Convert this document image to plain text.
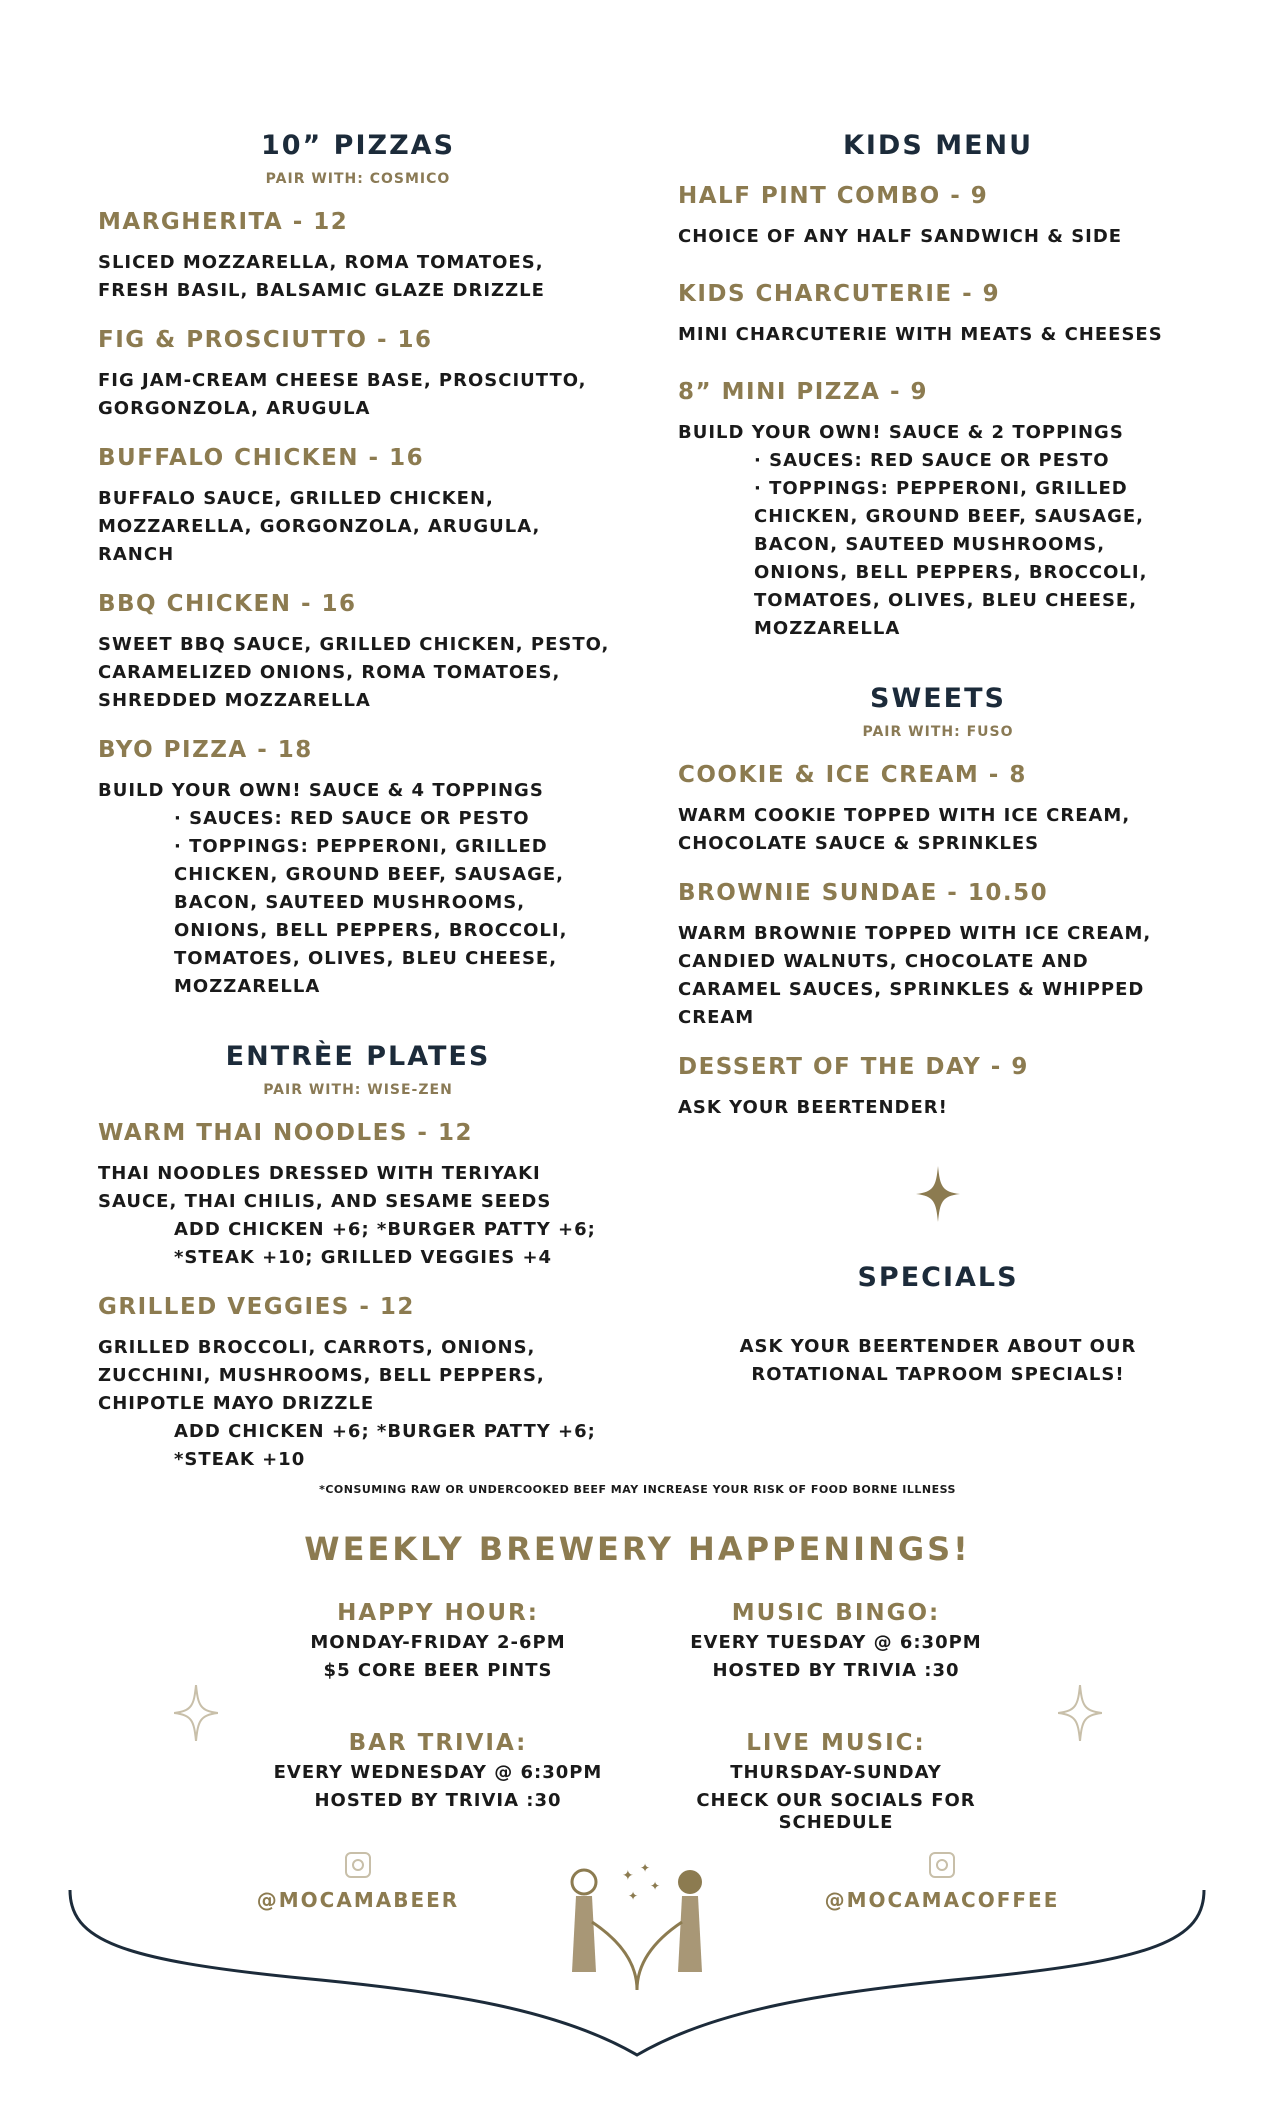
10” PIZZAS

PAIR WITH: COSMICO

MARGHERITA - 12
SLICED MOZZARELLA, ROMA TOMATOES, FRESH BASIL, BALSAMIC GLAZE DRIZZLE
FIG & PROSCIUTTO - 16
FIG JAM-CREAM CHEESE BASE, PROSCIUTTO, GORGONZOLA, ARUGULA
BUFFALO CHICKEN - 16
BUFFALO SAUCE, GRILLED CHICKEN, MOZZARELLA, GORGONZOLA, ARUGULA, RANCH
BBQ CHICKEN - 16
SWEET BBQ SAUCE, GRILLED CHICKEN, PESTO, CARAMELIZED ONIONS, ROMA TOMATOES, SHREDDED MOZZARELLA
BYO PIZZA - 18
BUILD YOUR OWN! SAUCE & 4 TOPPINGS
· SAUCES: RED SAUCE OR PESTO
· TOPPINGS: PEPPERONI, GRILLED CHICKEN, GROUND BEEF, SAUSAGE, BACON, SAUTEED MUSHROOMS, ONIONS, BELL PEPPERS, BROCCOLI, TOMATOES, OLIVES, BLEU CHEESE, MOZZARELLA
ENTRÈE PLATES

PAIR WITH: WISE-ZEN

WARM THAI NOODLES - 12
THAI NOODLES DRESSED WITH TERIYAKI SAUCE, THAI CHILIS, AND SESAME SEEDS
ADD CHICKEN +6; *BURGER PATTY +6; *STEAK +10; GRILLED VEGGIES +4
GRILLED VEGGIES - 12
GRILLED BROCCOLI, CARROTS, ONIONS, ZUCCHINI, MUSHROOMS, BELL PEPPERS, CHIPOTLE MAYO DRIZZLE
ADD CHICKEN +6; *BURGER PATTY +6; *STEAK +10
KIDS MENU
HALF PINT COMBO - 9
CHOICE OF ANY HALF SANDWICH & SIDE
KIDS CHARCUTERIE - 9
MINI CHARCUTERIE WITH MEATS & CHEESES
8” MINI PIZZA - 9
BUILD YOUR OWN! SAUCE & 2 TOPPINGS
· SAUCES: RED SAUCE OR PESTO
· TOPPINGS: PEPPERONI, GRILLED CHICKEN, GROUND BEEF, SAUSAGE, BACON, SAUTEED MUSHROOMS, ONIONS, BELL PEPPERS, BROCCOLI, TOMATOES, OLIVES, BLEU CHEESE, MOZZARELLA
SWEETS

PAIR WITH: FUSO

COOKIE & ICE CREAM - 8
WARM COOKIE TOPPED WITH ICE CREAM, CHOCOLATE SAUCE & SPRINKLES
BROWNIE SUNDAE - 10.50
WARM BROWNIE TOPPED WITH ICE CREAM, CANDIED WALNUTS, CHOCOLATE AND CARAMEL SAUCES, SPRINKLES & WHIPPED CREAM
DESSERT OF THE DAY - 9
ASK YOUR BEERTENDER!
SPECIALS
ASK YOUR BEERTENDER ABOUT OUR ROTATIONAL TAPROOM SPECIALS!
*CONSUMING RAW OR UNDERCOOKED BEEF MAY INCREASE YOUR RISK OF FOOD BORNE ILLNESS
WEEKLY BREWERY HAPPENINGS!
HAPPY HOUR:
MONDAY-FRIDAY 2-6PM
$5 CORE BEER PINTS
MUSIC BINGO:
EVERY TUESDAY @ 6:30PM
HOSTED BY TRIVIA :30
BAR TRIVIA:
EVERY WEDNESDAY @ 6:30PM
HOSTED BY TRIVIA :30
LIVE MUSIC:
THURSDAY-SUNDAY
CHECK OUR SOCIALS FOR SCHEDULE
@MOCAMABEER	@MOCAMACOFFEE
✦ ✦
✦
✦
